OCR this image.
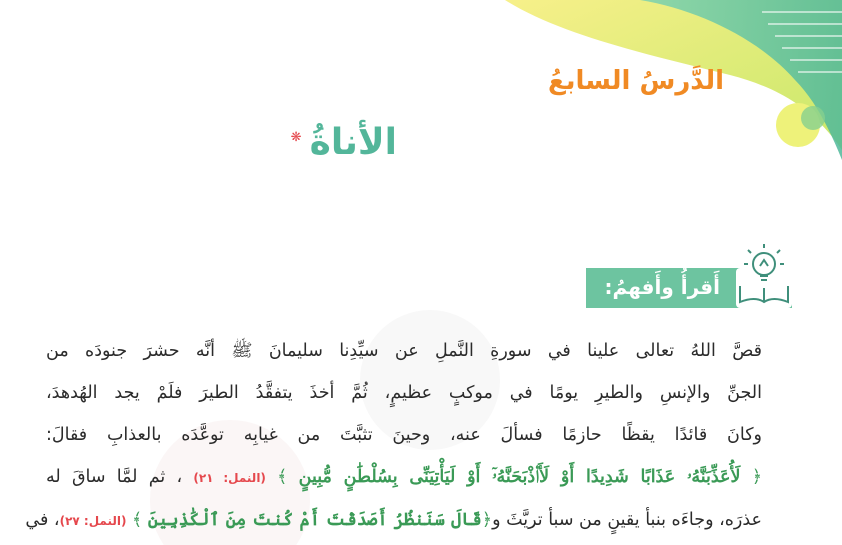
الدَّرسُ السابعُ
الأناةُ❋
أَقرأُ وأَفهمُ:
قصَّ اللهُ تعالى علينا في سورةِ النَّملِ عن سيِّدِنا سليمانَ ﷺ أنَّه حشرَ جنودَه من
الجنِّ والإنسِ والطيرِ يومًا في موكبٍ عظيمٍ، ثُمَّ أخذَ يتفقَّدُ الطيرَ فلَمْ يجد الهُدهدَ،
وكانَ قائدًا يقظًا حازمًا فسألَ عنه، وحينَ تثبَّتَ من غيابِه توعَّدَه بالعذابِ فقالَ:
﴿ لَأُعَذِّبَنَّهُۥ عَذَابًا شَدِيدًا أَوْ لَأَا۟ذْبَحَنَّهُۥٓ أَوْ لَيَأْتِيَنِّى بِسُلْطَٰنٍ مُّبِينٍ ﴾ (النمل: ٢١) ، ثم لمَّا ساقَ له
عذرَه، وجاءَه بنبأ يقينٍ من سبأ تريَّثَ و﴿قَالَ سَنَنظُرُ أَصَدَقْتَ أَمْ كُنتَ مِنَ ٱلْكَٰذِبِينَ ﴾ (النمل: ٢٧)، في
